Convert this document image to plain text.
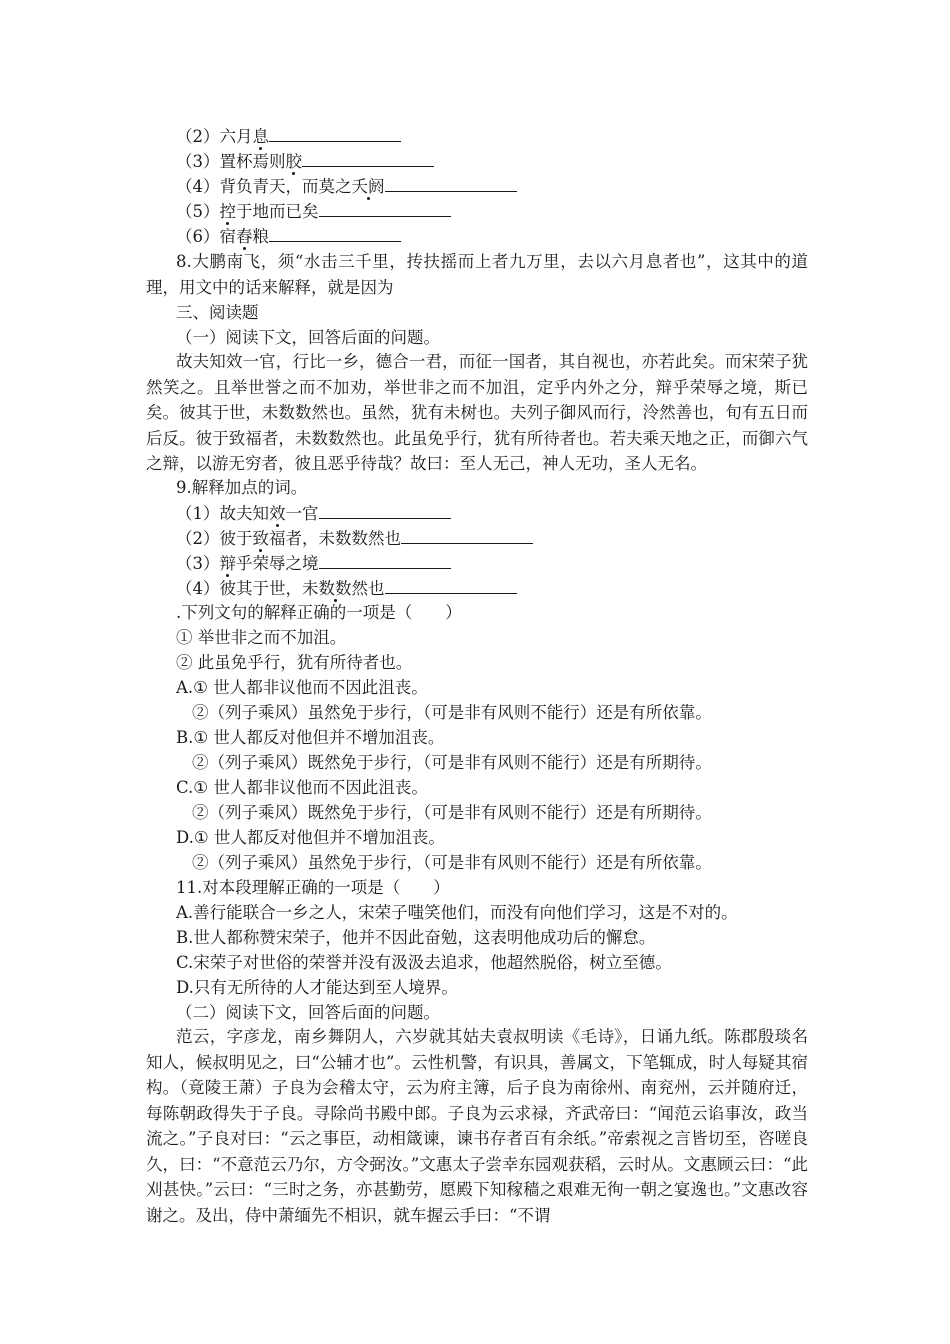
（2）六月息
（3）置杯焉则胶
（4）背负青天，而莫之夭阏
（5）控于地而已矣
（6）宿舂粮
8.大鹏南飞，须“水击三千里，抟扶摇而上者九万里，去以六月息者也”，这其中的道理，用文中的话来解释，就是因为
三、阅读题
（一）阅读下文，回答后面的问题。
故夫知效一官，行比一乡，德合一君，而征一国者，其自视也，亦若此矣。而宋荣子犹然笑之。且举世誉之而不加劝，举世非之而不加沮，定乎内外之分，辩乎荣辱之境，斯已矣。彼其于世，未数数然也。虽然，犹有未树也。夫列子御风而行，泠然善也，旬有五日而后反。彼于致福者，未数数然也。此虽免乎行，犹有所待者也。若夫乘天地之正，而御六气之辩，以游无穷者，彼且恶乎待哉？故曰：至人无己，神人无功，圣人无名。
9.解释加点的词。
（1）故夫知效一官
（2）彼于致福者，未数数然也
（3）辩乎荣辱之境
（4）彼其于世，未数数然也
.下列文句的解释正确的一项是（　　）
① 举世非之而不加沮。
② 此虽免乎行，犹有所待者也。
A.① 世人都非议他而不因此沮丧。
②（列子乘风）虽然免于步行，（可是非有风则不能行）还是有所依靠。
B.① 世人都反对他但并不增加沮丧。
②（列子乘风）既然免于步行，（可是非有风则不能行）还是有所期待。
C.① 世人都非议他而不因此沮丧。
②（列子乘风）既然免于步行，（可是非有风则不能行）还是有所期待。
D.① 世人都反对他但并不增加沮丧。
②（列子乘风）虽然免于步行，（可是非有风则不能行）还是有所依靠。
11.对本段理解正确的一项是（　　）
A.善行能联合一乡之人，宋荣子嗤笑他们，而没有向他们学习，这是不对的。
B.世人都称赞宋荣子，他并不因此奋勉，这表明他成功后的懈怠。
C.宋荣子对世俗的荣誉并没有汲汲去追求，他超然脱俗，树立至德。
D.只有无所待的人才能达到至人境界。
（二）阅读下文，回答后面的问题。
范云，字彦龙，南乡舞阴人，六岁就其姑夫袁叔明读《毛诗》，日诵九纸。陈郡殷琰名知人，候叔明见之，曰“公辅才也”。云性机警，有识具，善属文，下笔辄成，时人每疑其宿构。（竟陵王萧）子良为会稽太守，云为府主簿，后子良为南徐州、南兖州，云并随府迁，每陈朝政得失于子良。寻除尚书殿中郎。子良为云求禄，齐武帝曰：“闻范云谄事汝，政当流之。”子良对曰：“云之事臣，动相箴谏，谏书存者百有余纸。”帝索视之言皆切至，咨嗟良久，曰：“不意范云乃尔，方令弼汝。”文惠太子尝幸东园观获稻，云时从。文惠顾云曰：“此刈甚快。”云曰：“三时之务，亦甚勤劳，愿殿下知稼穑之艰难无徇一朝之宴逸也。”文惠改容谢之。及出，侍中萧缅先不相识，就车握云手曰：“不谓
